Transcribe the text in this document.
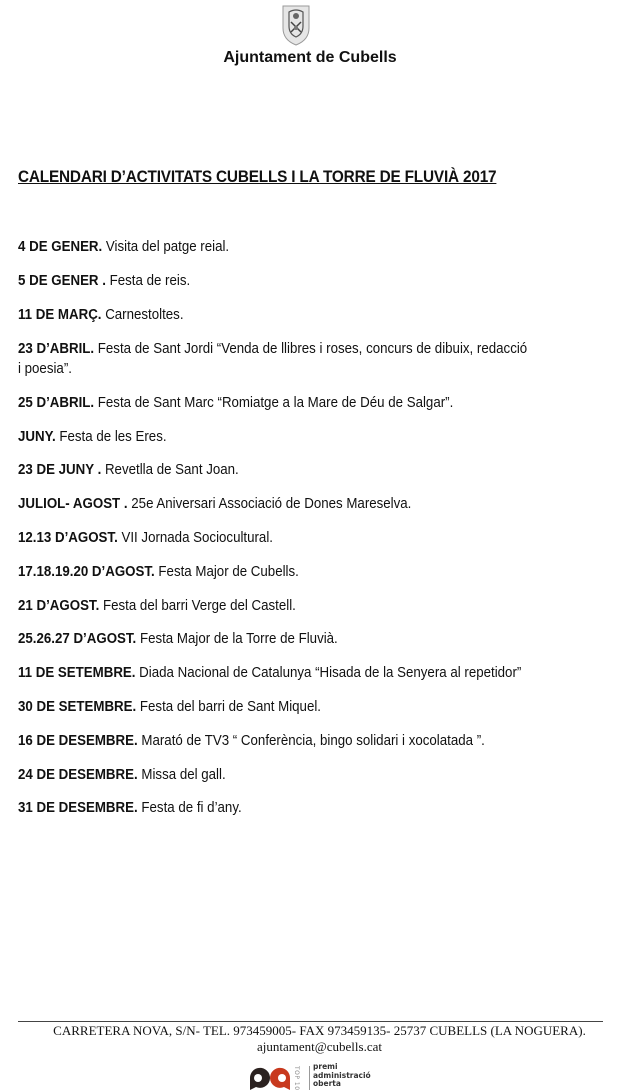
Ajuntament de Cubells
CALENDARI D’ACTIVITATS CUBELLS I LA TORRE DE FLUVIÀ 2017
4 DE GENER. Visita del patge reial.
5 DE GENER . Festa de reis.
11 DE MARÇ. Carnestoltes.
23 D’ABRIL. Festa de Sant Jordi “Venda de llibres i roses, concurs de dibuix, redacció
i poesia”.
25 D’ABRIL. Festa de Sant Marc “Romiatge a la Mare de Déu de Salgar”.
JUNY. Festa de les Eres.
23 DE JUNY . Revetlla de Sant Joan.
JULIOL- AGOST . 25e Aniversari Associació de Dones Mareselva.
12.13 D’AGOST. VII Jornada Sociocultural.
17.18.19.20 D’AGOST. Festa Major de Cubells.
21 D’AGOST. Festa del barri Verge del Castell.
25.26.27 D’AGOST. Festa Major de la Torre de Fluvià.
11 DE SETEMBRE. Diada Nacional de Catalunya “Hisada de la Senyera al repetidor”
30 DE SETEMBRE. Festa del barri de Sant Miquel.
16 DE DESEMBRE. Marató de TV3 “ Conferència, bingo solidari i xocolatada ”.
24 DE DESEMBRE. Missa del gall.
31 DE DESEMBRE. Festa de fi d’any.
CARRETERA NOVA, S/N- TEL. 973459005- FAX 973459135- 25737 CUBELLS (LA NOGUERA).
ajuntament@cubells.cat
TOP 10 premi
administració
oberta
